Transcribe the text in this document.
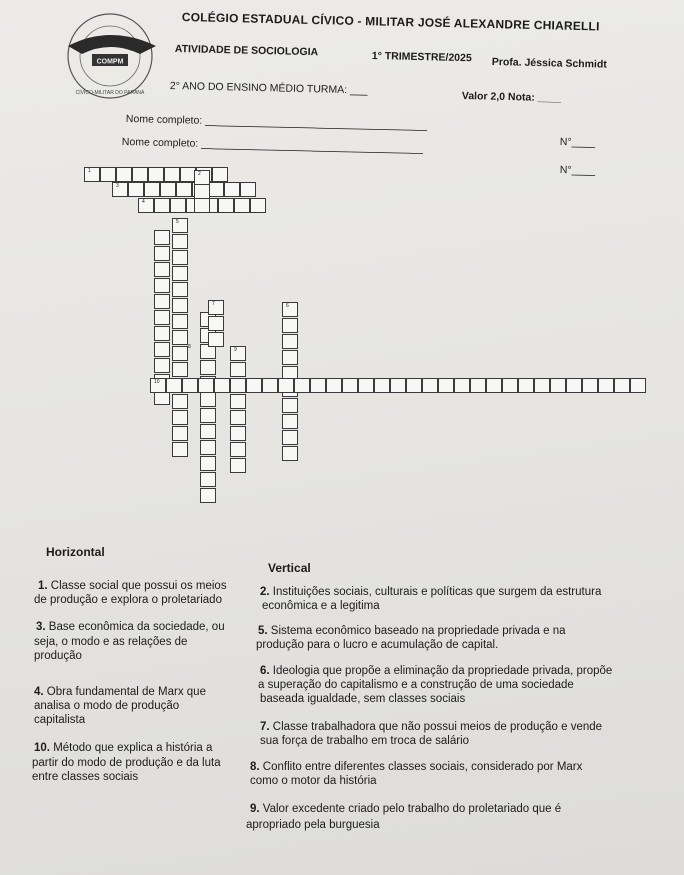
COMPM
CÍVICO-MILITAR DO PARANÁ
COLÉGIO ESTADUAL CÍVICO - MILITAR JOSÉ ALEXANDRE CHIARELLI
ATIVIDADE DE SOCIOLOGIA	1° TRIMESTRE/2025 Profa. Jéssica Schmidt
2° ANO DO ENSINO MÉDIO TURMA: ___
Valor 2,0 Nota: ____
Nome completo: ______________________________________
N°____
Nome completo: ______________________________________
N°____
1	2
3
4
5
6
7
8	9
10
Horizontal
Vertical
1. Classe social que possui os meios
de produção e explora o proletariado
3. Base econômica da sociedade, ou
seja, o modo e as relações de
produção
4. Obra fundamental de Marx que
analisa o modo de produção
capitalista
10. Método que explica a história a
partir do modo de produção e da luta
entre classes sociais
2. Instituições sociais, culturais e políticas que surgem da estrutura
econômica e a legitima
5. Sistema econômico baseado na propriedade privada e na
produção para o lucro e acumulação de capital.
6. Ideologia que propõe a eliminação da propriedade privada, propõe
a superação do capitalismo e a construção de uma sociedade
baseada igualdade, sem classes sociais
7. Classe trabalhadora que não possui meios de produção e vende
sua força de trabalho em troca de salário
8. Conflito entre diferentes classes sociais, considerado por Marx
como o motor da história
9. Valor excedente criado pelo trabalho do proletariado que é
apropriado pela burguesia
